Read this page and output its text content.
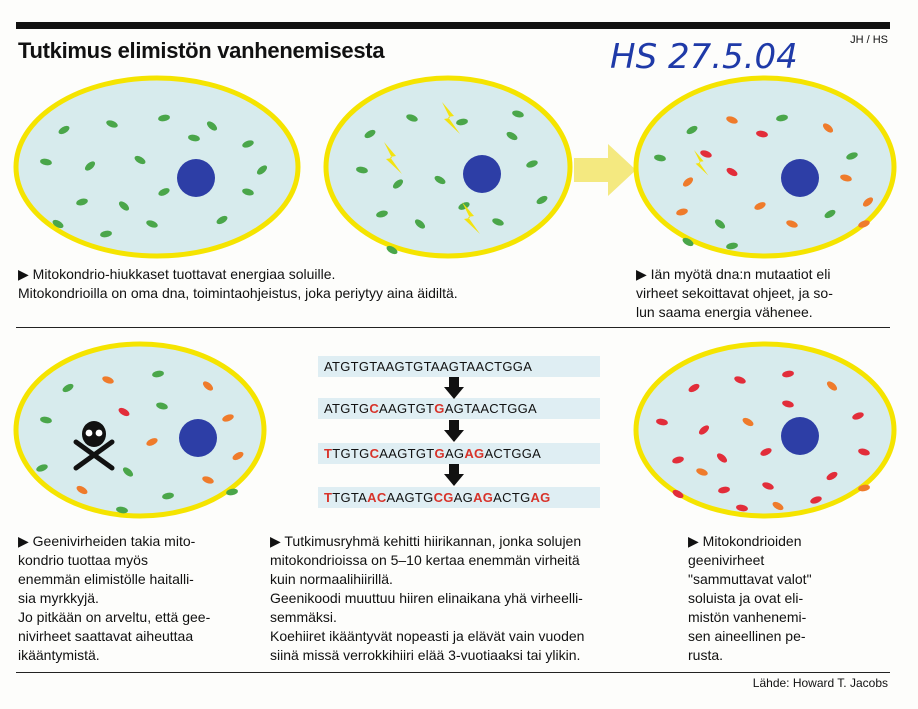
Tutkimus elimistön vanhenemisesta	JH / HS
HS 27.5.04
▶ Mitokondrio-hiukkaset tuottavat energiaa soluille.
Mitokondrioilla on oma dna, toimintaohjeistus, joka periytyy aina äidiltä.
▶ Iän myötä dna:n mutaatiot eli
virheet sekoittavat ohjeet, ja so-
lun saama energia vähenee.
ATGTGTAAGTGTAAGTAACTGGA
ATGTGCAAGTGTGAGTAACTGGA
TTGTGCAAGTGTGAGAGACTGGA
TTGTAACAAGTGCGAGAGACTGAG
▶ Geenivirheiden takia mito-
kondrio tuottaa myös
enemmän elimistölle haitalli-
sia myrkkyjä.
Jo pitkään on arveltu, että gee-
nivirheet saattavat aiheuttaa
ikääntymistä.
▶ Tutkimusryhmä kehitti hiirikannan, jonka solujen
mitokondrioissa on 5–10 kertaa enemmän virheitä
kuin normaalihiirillä.
Geenikoodi muuttuu hiiren elinaikana yhä virheelli-
semmäksi.
Koehiiret ikääntyvät nopeasti ja elävät vain vuoden
siinä missä verrokkihiiri elää 3-vuotiaaksi tai ylikin.
▶ Mitokondrioiden
geenivirheet
"sammuttavat valot"
soluista ja ovat eli-
mistön vanhenemi-
sen aineellinen pe-
rusta.
Lähde: Howard T. Jacobs
